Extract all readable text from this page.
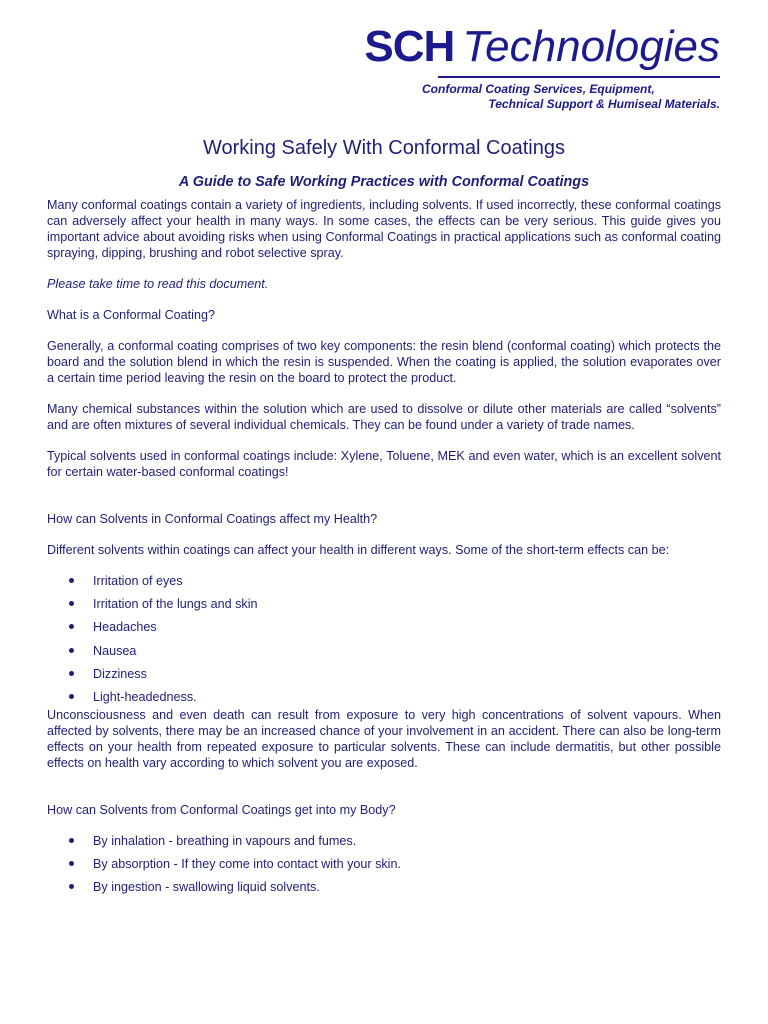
SCH Technologies
Conformal Coating Services, Equipment,
Technical Support & Humiseal Materials.
Working Safely With Conformal Coatings
A Guide to Safe Working Practices with Conformal Coatings

Many conformal coatings contain a variety of ingredients, including solvents. If used incorrectly, these conformal coatings can adversely affect your health in many ways. In some cases, the effects can be very serious. This guide gives you important advice about avoiding risks when using Conformal Coatings in practical applications such as conformal coating spraying, dipping, brushing and robot selective spray.

Please take time to read this document.

What is a Conformal Coating?

Generally, a conformal coating comprises of two key components: the resin blend (conformal coating) which protects the board and the solution blend in which the resin is suspended. When the coating is applied, the solution evaporates over a certain time period leaving the resin on the board to protect the product.

Many chemical substances within the solution which are used to dissolve or dilute other materials are called “solvents” and are often mixtures of several individual chemicals. They can be found under a variety of trade names.

Typical solvents used in conformal coatings include: Xylene, Toluene, MEK and even water, which is an excellent solvent for certain water-based conformal coatings!

How can Solvents in Conformal Coatings affect my Health?

Different solvents within coatings can affect your health in different ways. Some of the short-term effects can be:

Irritation of eyes
Irritation of the lungs and skin
Headaches
Nausea
Dizziness
Light-headedness.

Unconsciousness and even death can result from exposure to very high concentrations of solvent vapours. When affected by solvents, there may be an increased chance of your involvement in an accident. There can also be long-term effects on your health from repeated exposure to particular solvents. These can include dermatitis, but other possible effects on health vary according to which solvent you are exposed.

How can Solvents from Conformal Coatings get into my Body?

By inhalation - breathing in vapours and fumes.
By absorption - If they come into contact with your skin.
By ingestion - swallowing liquid solvents.
